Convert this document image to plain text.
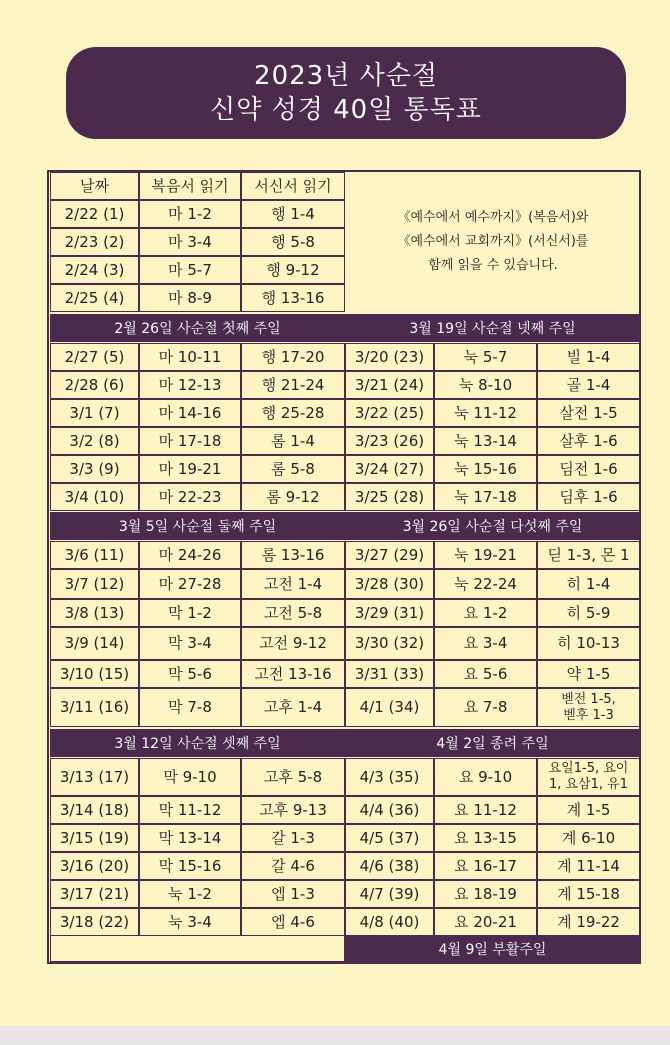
2023년 사순절
신약 성경 40일 통독표
날짜	복음서 읽기	서신서 읽기
2/22 (1)	마 1-2	행 1-4
2/23 (2)	마 3-4	행 5-8
2/24 (3)	마 5-7	행 9-12
2/25 (4)	마 8-9	행 13-16
2월 26일 사순절 첫째 주일	3월 19일 사순절 넷째 주일
2/27 (5)	마 10-11	행 17-20	3/20 (23)	눅 5-7	빌 1-4
2/28 (6)	마 12-13	행 21-24	3/21 (24)	눅 8-10	골 1-4
3/1 (7)	마 14-16	행 25-28	3/22 (25)	눅 11-12	살전 1-5
3/2 (8)	마 17-18	롬 1-4	3/23 (26)	눅 13-14	살후 1-6
3/3 (9)	마 19-21	롬 5-8	3/24 (27)	눅 15-16	딤전 1-6
3/4 (10)	마 22-23	롬 9-12	3/25 (28)	눅 17-18	딤후 1-6
3월 5일 사순절 둘째 주일	3월 26일 사순절 다섯째 주일
3/6 (11)	마 24-26	롬 13-16	3/27 (29)	눅 19-21	딛 1-3, 몬 1
3/7 (12)	마 27-28	고전 1-4	3/28 (30)	눅 22-24	히 1-4
3/8 (13)	막 1-2	고전 5-8	3/29 (31)	요 1-2	히 5-9
3/9 (14)	막 3-4	고전 9-12	3/30 (32)	요 3-4	히 10-13
3/10 (15)	막 5-6	고전 13-16	3/31 (33)	요 5-6	약 1-5
3/11 (16)	막 7-8	고후 1-4	4/1 (34)	요 7-8	벧전 1-5,
벧후 1-3
3월 12일 사순절 셋째 주일	4월 2일 종려 주일
3/13 (17)	막 9-10	고후 5-8	4/3 (35)	요 9-10	요일1-5, 요이
1, 요삼1, 유1
3/14 (18)	막 11-12	고후 9-13	4/4 (36)	요 11-12	계 1-5
3/15 (19)	막 13-14	갈 1-3	4/5 (37)	요 13-15	계 6-10
3/16 (20)	막 15-16	갈 4-6	4/6 (38)	요 16-17	계 11-14
3/17 (21)	눅 1-2	엡 1-3	4/7 (39)	요 18-19	계 15-18
3/18 (22)	눅 3-4	엡 4-6	4/8 (40)	요 20-21	계 19-22
4월 9일 부활주일
《예수에서 예수까지》(복음서)와
《예수에서 교회까지》(서신서)를
함께 읽을 수 있습니다.
